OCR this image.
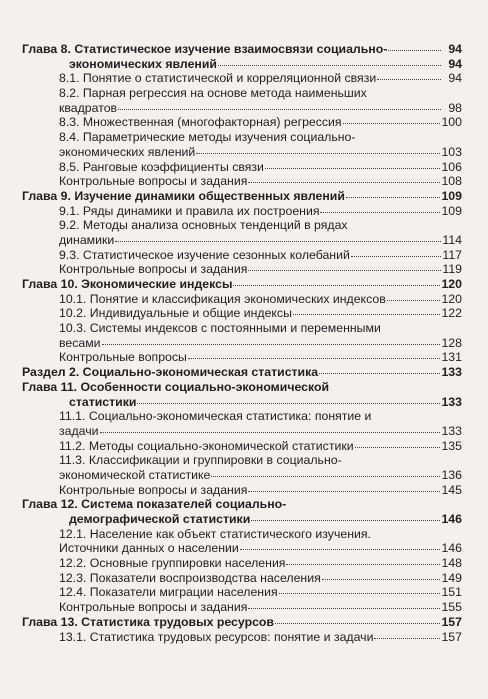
Глава 8. Статистическое изучение взаимосвязи социально-	94
экономических явлений	94
8.1. Понятие о статистической и корреляционной связи	94
8.2. Парная регрессия на основе метода наименьших
квадратов	98
8.3. Множественная (многофакторная) регрессия	100
8.4. Параметрические методы изучения социально-
экономических явлений	103
8.5. Ранговые коэффициенты связи	106
Контрольные вопросы и задания	108
Глава 9. Изучение динамики общественных явлений	109
9.1. Ряды динамики и правила их построения	109
9.2. Методы анализа основных тенденций в рядах
динамики	114
9.3. Статистическое изучение сезонных колебаний	117
Контрольные вопросы и задания	119
Глава 10. Экономические индексы	120
10.1. Понятие и классификация экономических индексов	120
10.2. Индивидуальные и общие индексы	122
10.3. Системы индексов с постоянными и переменными
весами	128
Контрольные вопросы	131
Раздел 2. Социально-экономическая статистика	133
Глава 11. Особенности социально-экономической
статистики	133
11.1. Социально-экономическая статистика: понятие и
задачи	133
11.2. Методы социально-экономической статистики	135
11.3. Классификации и группировки в социально-
экономической статистике	136
Контрольные вопросы и задания	145
Глава 12. Система показателей социально-
демографической статистики	146
12.1. Население как объект статистического изучения.
Источники данных о населении	146
12.2. Основные группировки населения	148
12.3. Показатели воспроизводства населения	149
12.4. Показатели миграции населения	151
Контрольные вопросы и задания	155
Глава 13. Статистика трудовых ресурсов	157
13.1. Статистика трудовых ресурсов: понятие и задачи	157
